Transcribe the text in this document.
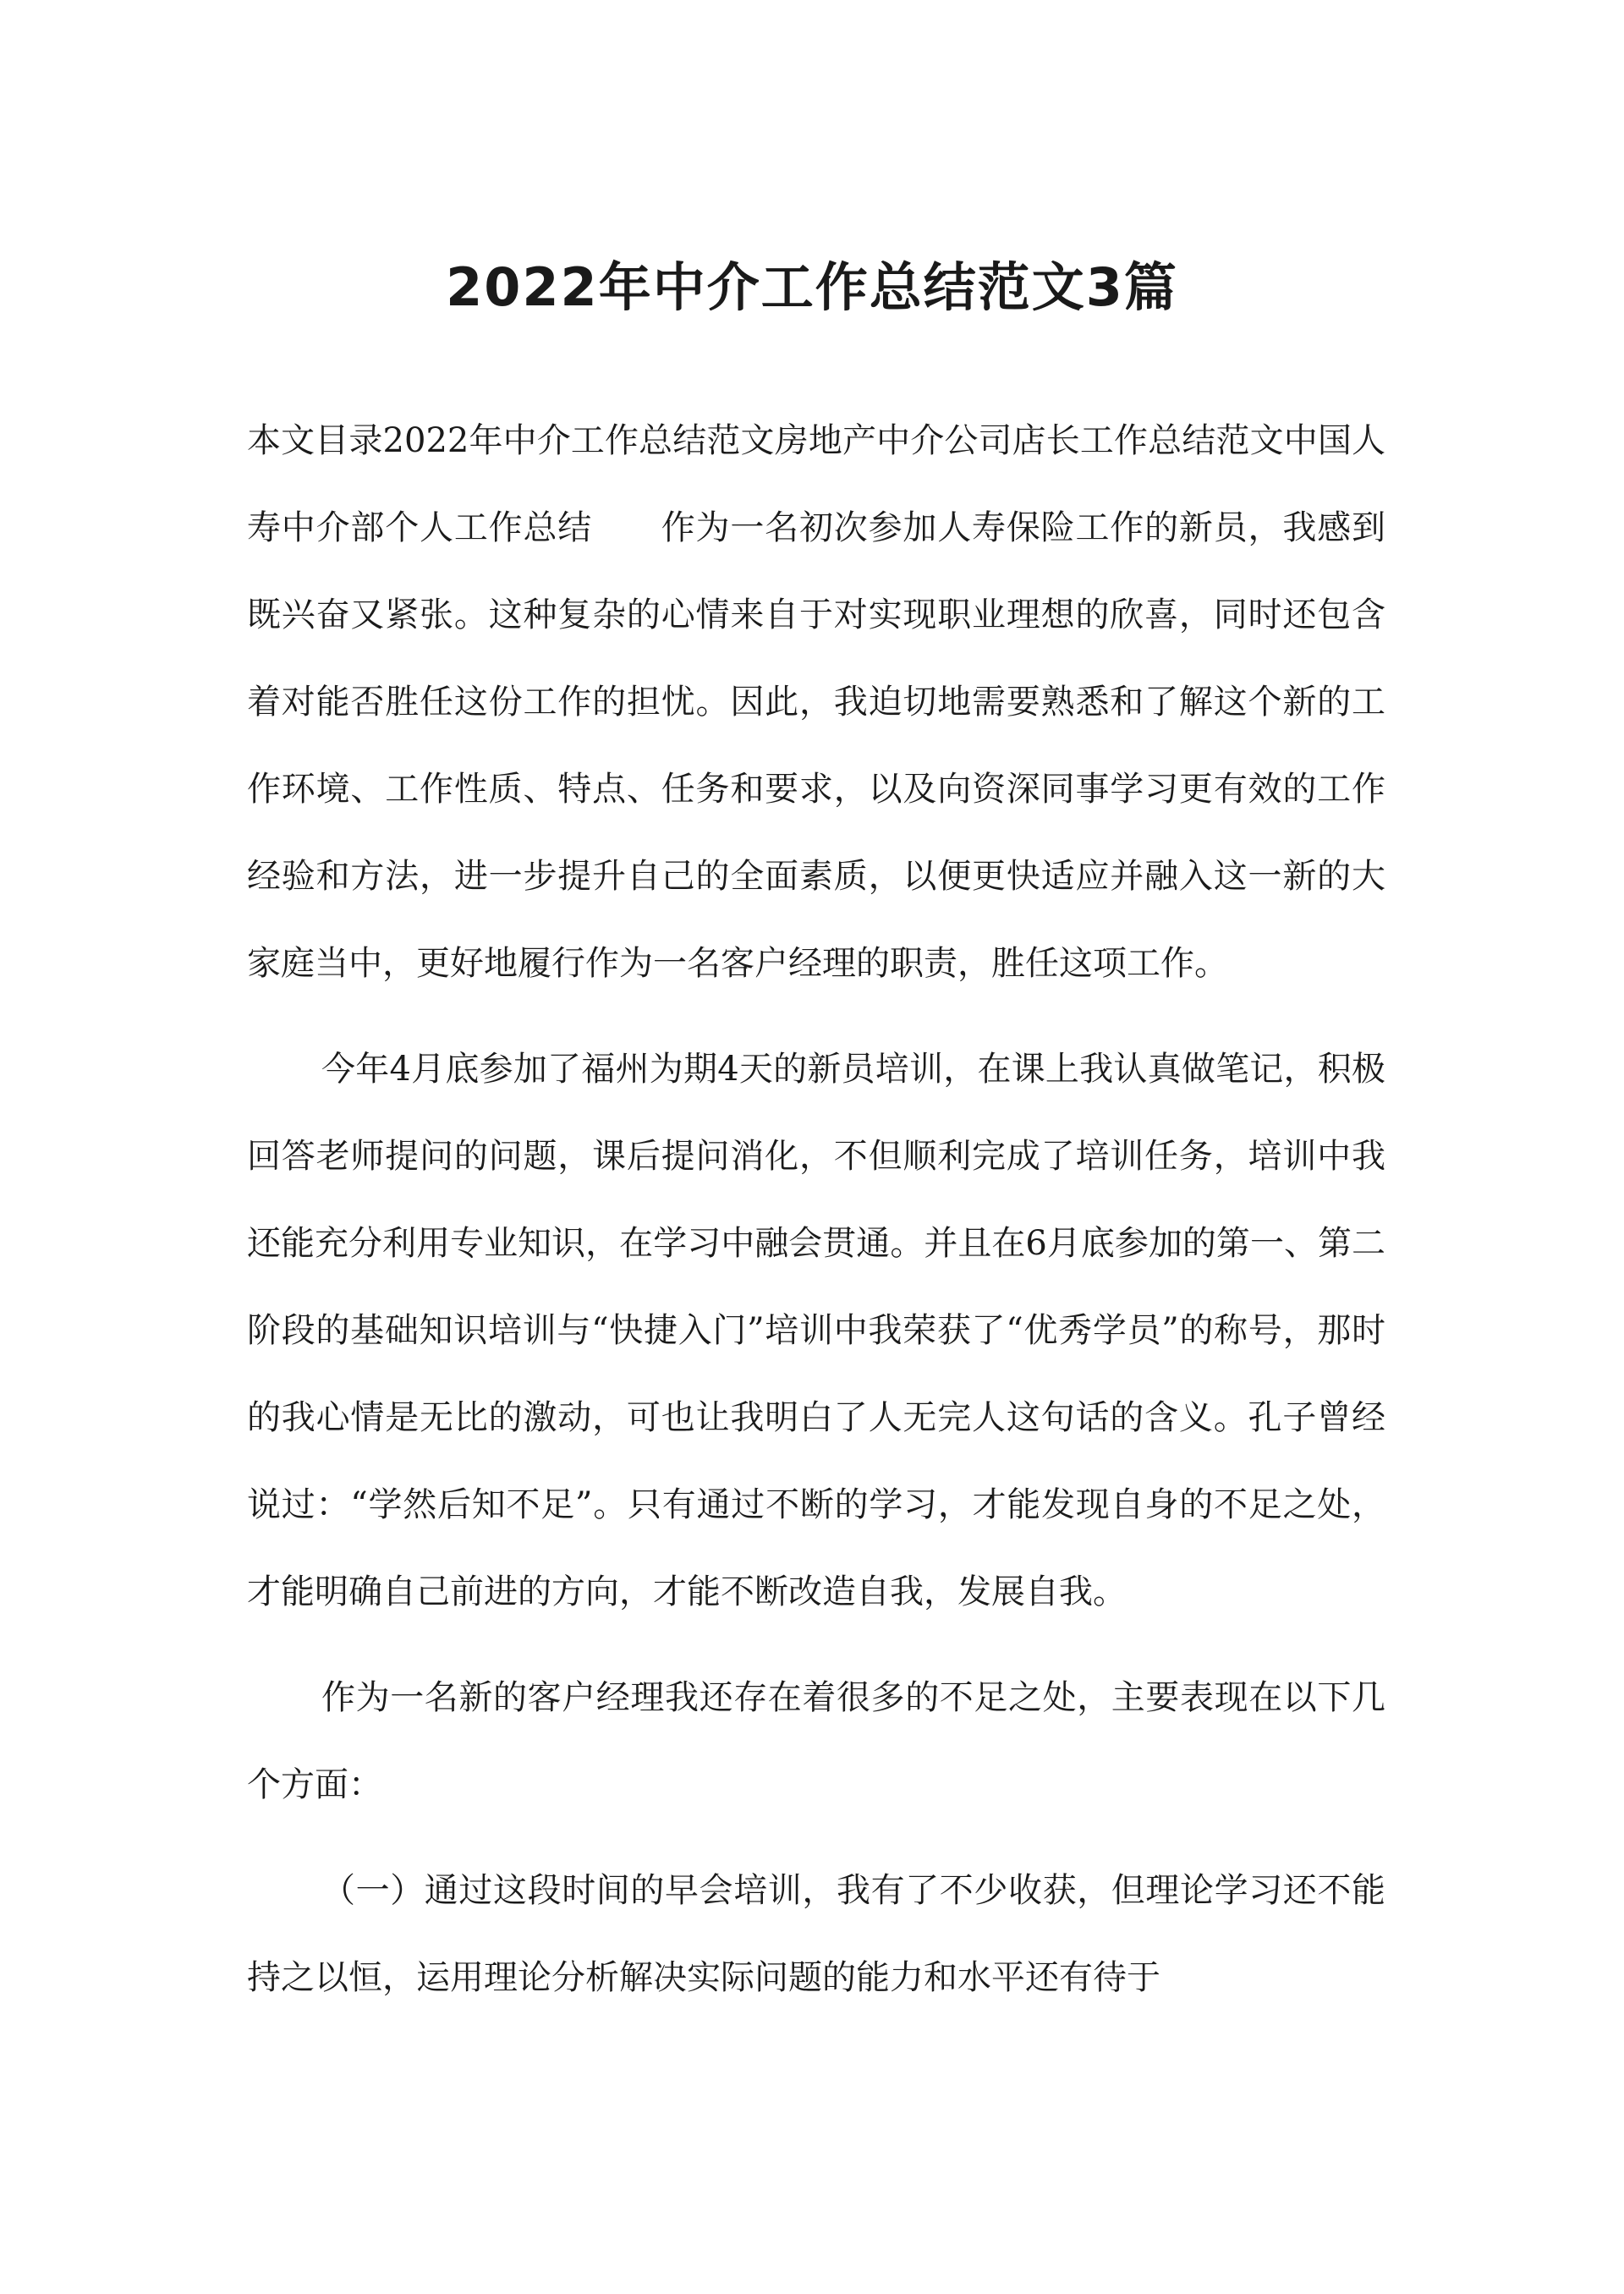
2022年中介工作总结范文3篇

本文目录2022年中介工作总结范文房地产中介公司店长工作总结范文中国人寿中介部个人工作总结　　作为一名初次参加人寿保险工作的新员，我感到既兴奋又紧张。这种复杂的心情来自于对实现职业理想的欣喜，同时还包含着对能否胜任这份工作的担忧。因此，我迫切地需要熟悉和了解这个新的工作环境、工作性质、特点、任务和要求，以及向资深同事学习更有效的工作经验和方法，进一步提升自己的全面素质，以便更快适应并融入这一新的大家庭当中，更好地履行作为一名客户经理的职责，胜任这项工作。

今年4月底参加了福州为期4天的新员培训，在课上我认真做笔记，积极回答老师提问的问题，课后提问消化，不但顺利完成了培训任务，培训中我还能充分利用专业知识，在学习中融会贯通。并且在6月底参加的第一、第二阶段的基础知识培训与“快捷入门”培训中我荣获了“优秀学员”的称号，那时的我心情是无比的激动，可也让我明白了人无完人这句话的含义。孔子曾经说过：“学然后知不足”。只有通过不断的学习，才能发现自身的不足之处，才能明确自己前进的方向，才能不断改造自我，发展自我。

作为一名新的客户经理我还存在着很多的不足之处，主要表现在以下几个方面：

（一）通过这段时间的早会培训，我有了不少收获，但理论学习还不能持之以恒，运用理论分析解决实际问题的能力和水平还有待于
